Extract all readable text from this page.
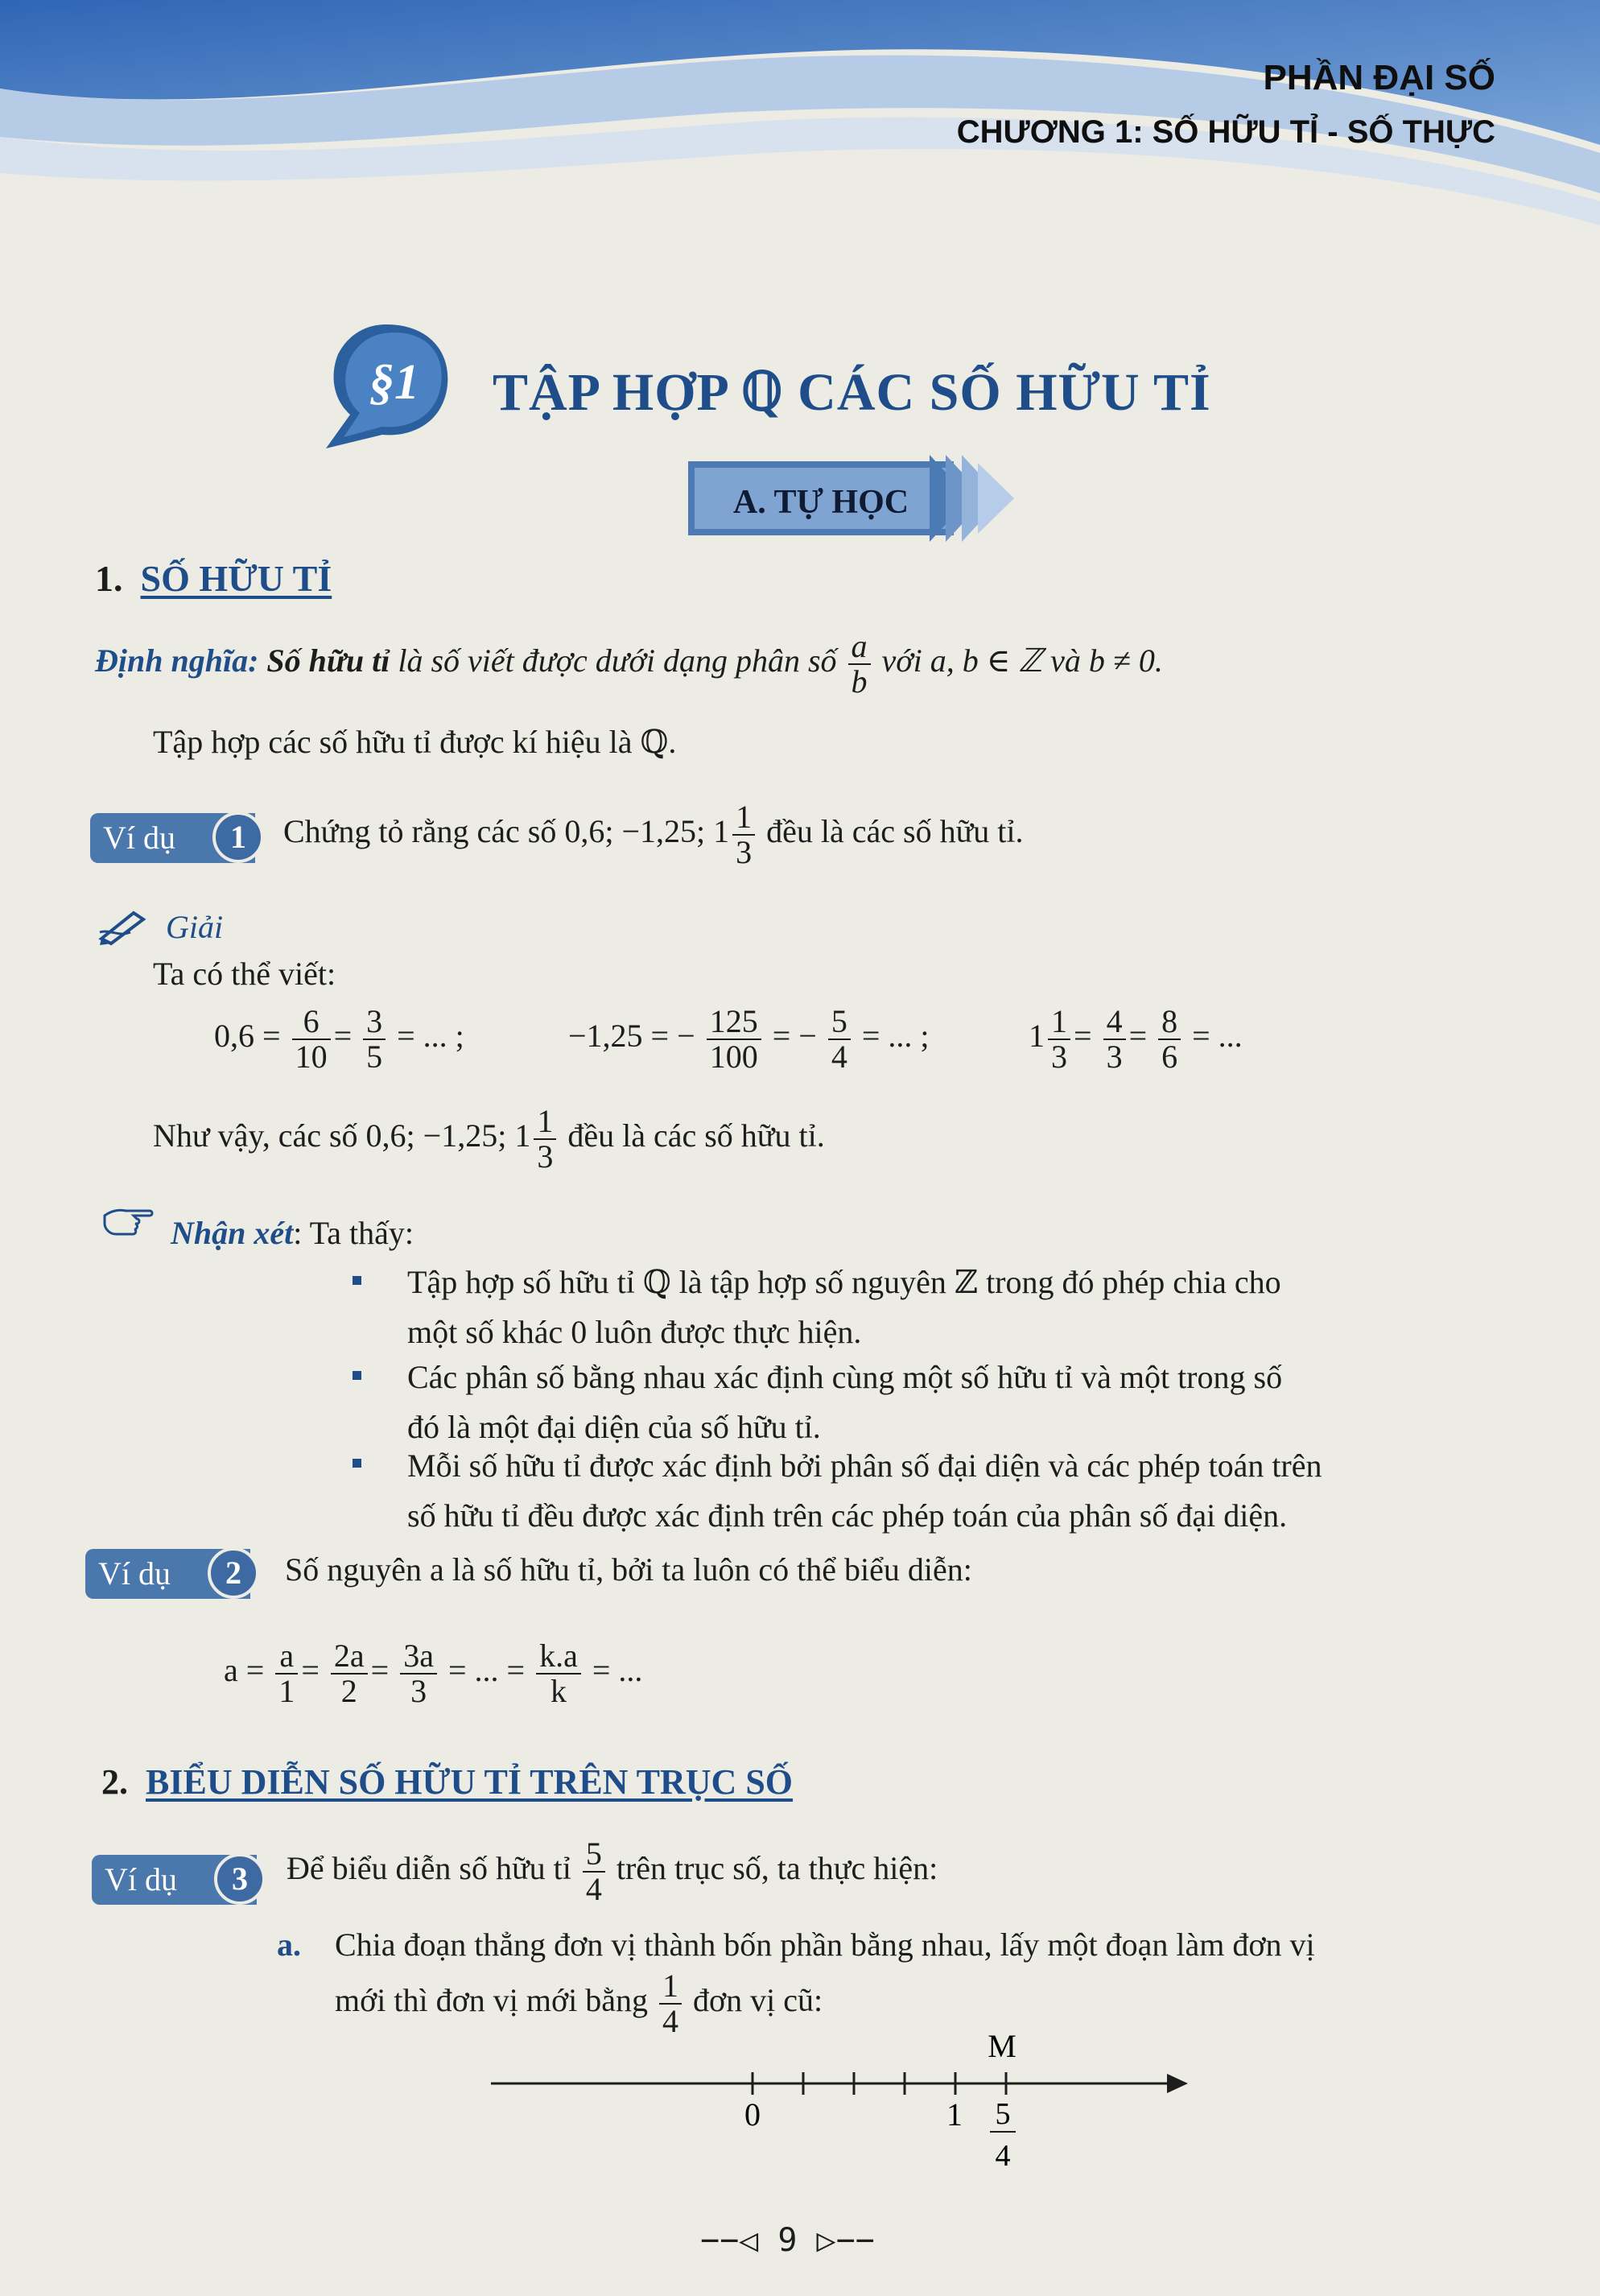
PHẦN ĐẠI SỐ
CHƯƠNG 1: SỐ HỮU TỈ - SỐ THỰC
§1 TẬP HỢP ℚ CÁC SỐ HỮU TỈ
A. TỰ HỌC
1. SỐ HỮU TỈ
Định nghĩa: Số hữu tỉ là số viết được dưới dạng phân số $\frac{a}{b}$ với a, b ∈ ℤ và b ≠ 0.
Tập hợp các số hữu tỉ được kí hiệu là ℚ.
Ví dụ	1	Chứng tỏ rằng các số 0,6; −1,25; $1 \frac{1}{3}$ đều là các số hữu tỉ.
Giải
Ta có thể viết:
$0,6 = \frac{6}{10} = \frac{3}{5}$ = ... ;	−1,25 = − $\frac{125}{100}$ = − $\frac{5}{4}$ = ... ;	$1 \frac{1}{3} = \frac{4}{3} = \frac{8}{6}$ = ...
Như vậy, các số 0,6; −1,25; $1 \frac{1}{3}$ đều là các số hữu tỉ.
Nhận xét: Ta thấy:
Tập hợp số hữu tỉ ℚ là tập hợp số nguyên ℤ trong đó phép chia cho
một số khác 0 luôn được thực hiện.
Các phân số bằng nhau xác định cùng một số hữu tỉ và một trong số
đó là một đại diện của số hữu tỉ.
Mỗi số hữu tỉ được xác định bởi phân số đại diện và các phép toán trên
số hữu tỉ đều được xác định trên các phép toán của phân số đại diện.
Ví dụ	2	Số nguyên a là số hữu tỉ, bởi ta luôn có thể biểu diễn:
$a = \frac{a}{1} = \frac{2a}{2} = \frac{3a}{3}$ = ... = $\frac{k.a}{k}$ = ...
2. BIỂU DIỄN SỐ HỮU TỈ TRÊN TRỤC SỐ
Ví dụ	3	Để biểu diễn số hữu tỉ $\frac{5}{4}$ trên trục số, ta thực hiện:
a. Chia đoạn thẳng đơn vị thành bốn phần bằng nhau, lấy một đoạn làm đơn vị
mới thì đơn vị mới bằng $\frac{1}{4}$ đơn vị cũ:
M
0	1 5
4
−−◁ 9 ▷−−
